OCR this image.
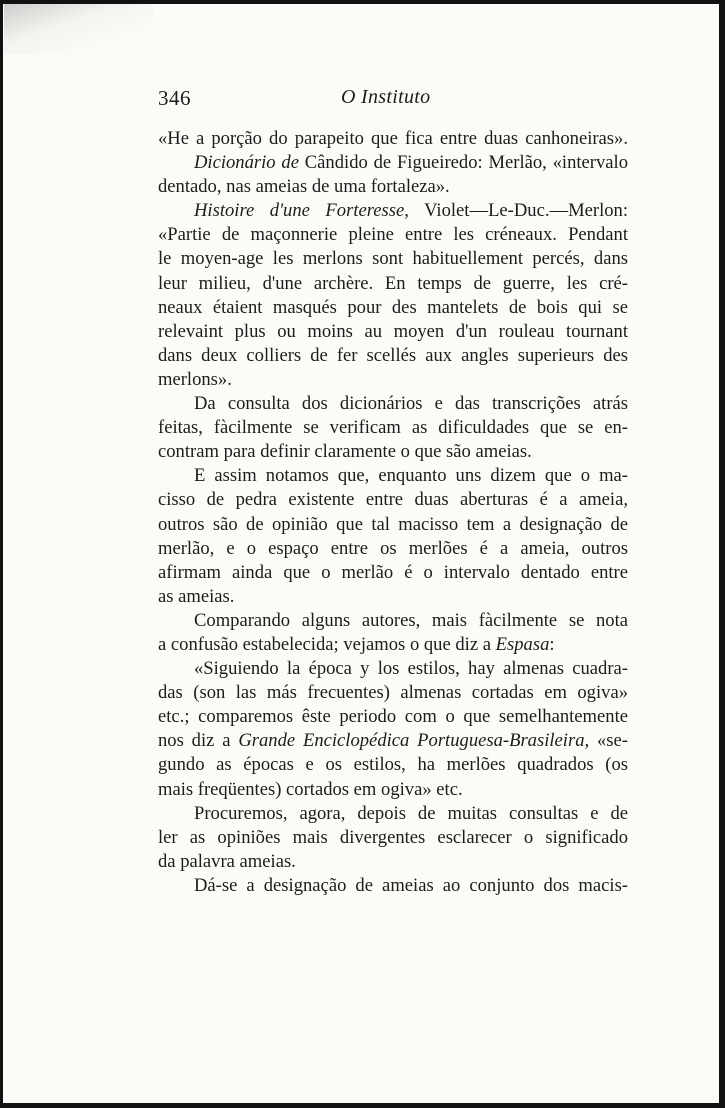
346	O Instituto
«He a porção do parapeito que fica entre duas canhoneiras».
Dicionário de Cândido de Figueiredo: Merlão, «intervalo
dentado, nas ameias de uma fortaleza».
Histoire d'une Forteresse, Violet—Le-Duc.—Merlon:
«Partie de maçonnerie pleine entre les créneaux. Pendant
le moyen-age les merlons sont habituellement percés, dans
leur milieu, d'une archère. En temps de guerre, les cré-
neaux étaient masqués pour des mantelets de bois qui se
relevaint plus ou moins au moyen d'un rouleau tournant
dans deux colliers de fer scellés aux angles superieurs des
merlons».
Da consulta dos dicionários e das transcrições atrás
feitas, fàcilmente se verificam as dificuldades que se en-
contram para definir claramente o que são ameias.
E assim notamos que, enquanto uns dizem que o ma-
cisso de pedra existente entre duas aberturas é a ameia,
outros são de opinião que tal macisso tem a designação de
merlão, e o espaço entre os merlões é a ameia, outros
afirmam ainda que o merlão é o intervalo dentado entre
as ameias.
Comparando alguns autores, mais fàcilmente se nota
a confusão estabelecida; vejamos o que diz a Espasa:
«Siguiendo la época y los estilos, hay almenas cuadra-
das (son las más frecuentes) almenas cortadas em ogiva»
etc.; comparemos êste periodo com o que semelhantemente
nos diz a Grande Enciclopédica Portuguesa-Brasileira, «se-
gundo as épocas e os estilos, ha merlões quadrados (os
mais freqüentes) cortados em ogiva» etc.
Procuremos, agora, depois de muitas consultas e de
ler as opiniões mais divergentes esclarecer o significado
da palavra ameias.
Dá-se a designação de ameias ao conjunto dos macis-
